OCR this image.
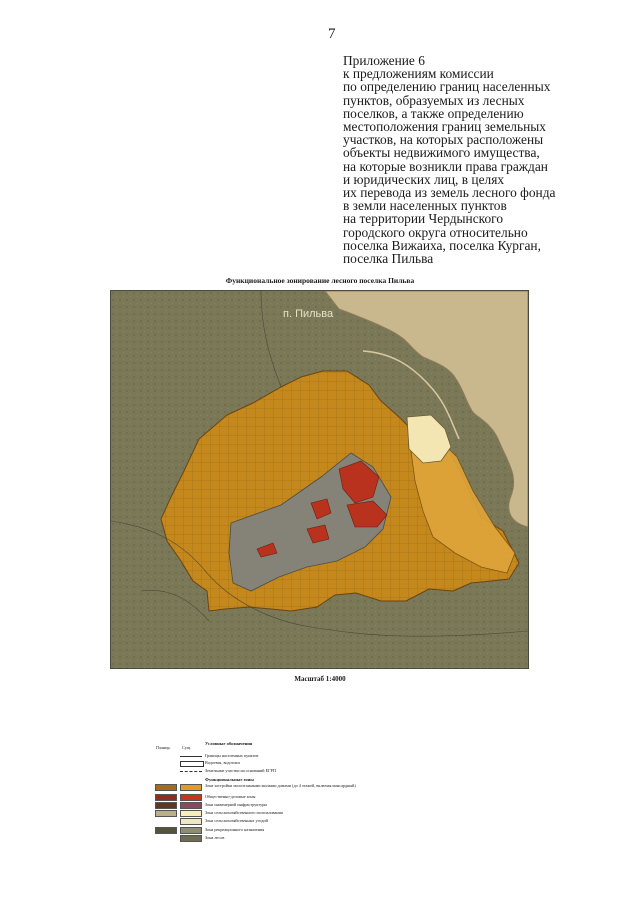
7
Приложение 6
к предложениям комиссии
по определению границ населенных
пунктов, образуемых из лесных
поселков, а также определению
местоположения границ земельных
участков, на которых расположены
объекты недвижимого имущества,
на которые возникли права граждан
и юридических лиц, в целях
их перевода из земель лесного фонда
в земли населенных пунктов
на территории Чердынского
городского округа относительно
поселка Вижаиха, поселка Курган,
поселка Пильва
Функциональное зонирование лесного поселка Пильва
п. Пильва
Масштаб 1:4000
Планир.	Сущ.
Условные обозначения
Границы населенных пунктов
Водоемы, водотоки
Земельные участки на оснований ЕГРП
Функциональные зоны
Зона застройки малоэтажными жилыми домами (до 4 этажей, включая мансардный)
Общественно-деловые зоны
Зона инженерной инфраструктуры
Зона сельскохозяйственного использования
Зона сельскохозяйственных угодий
Зона рекреационного назначения
Зона лесов
